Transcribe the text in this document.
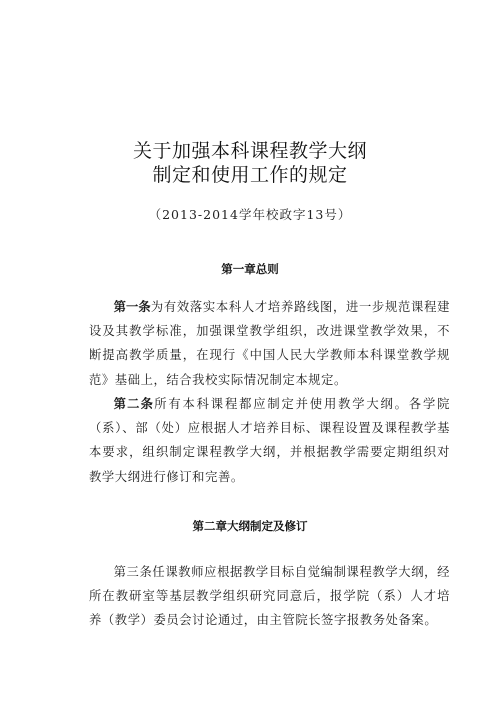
关于加强本科课程教学大纲
制定和使用工作的规定
（2013-2014学年校政字13号）
第一章总则

第一条为有效落实本科人才培养路线图，进一步规范课程建设及其教学标准，加强课堂教学组织，改进课堂教学效果，不断提高教学质量，在现行《中国人民大学教师本科课堂教学规范》基础上，结合我校实际情况制定本规定。

第二条所有本科课程都应制定并使用教学大纲。各学院（系）、部（处）应根据人才培养目标、课程设置及课程教学基本要求，组织制定课程教学大纲，并根据教学需要定期组织对教学大纲进行修订和完善。

第二章大纲制定及修订

第三条任课教师应根据教学目标自觉编制课程教学大纲，经所在教研室等基层教学组织研究同意后，报学院（系）人才培养（教学）委员会讨论通过，由主管院长签字报教务处备案。
